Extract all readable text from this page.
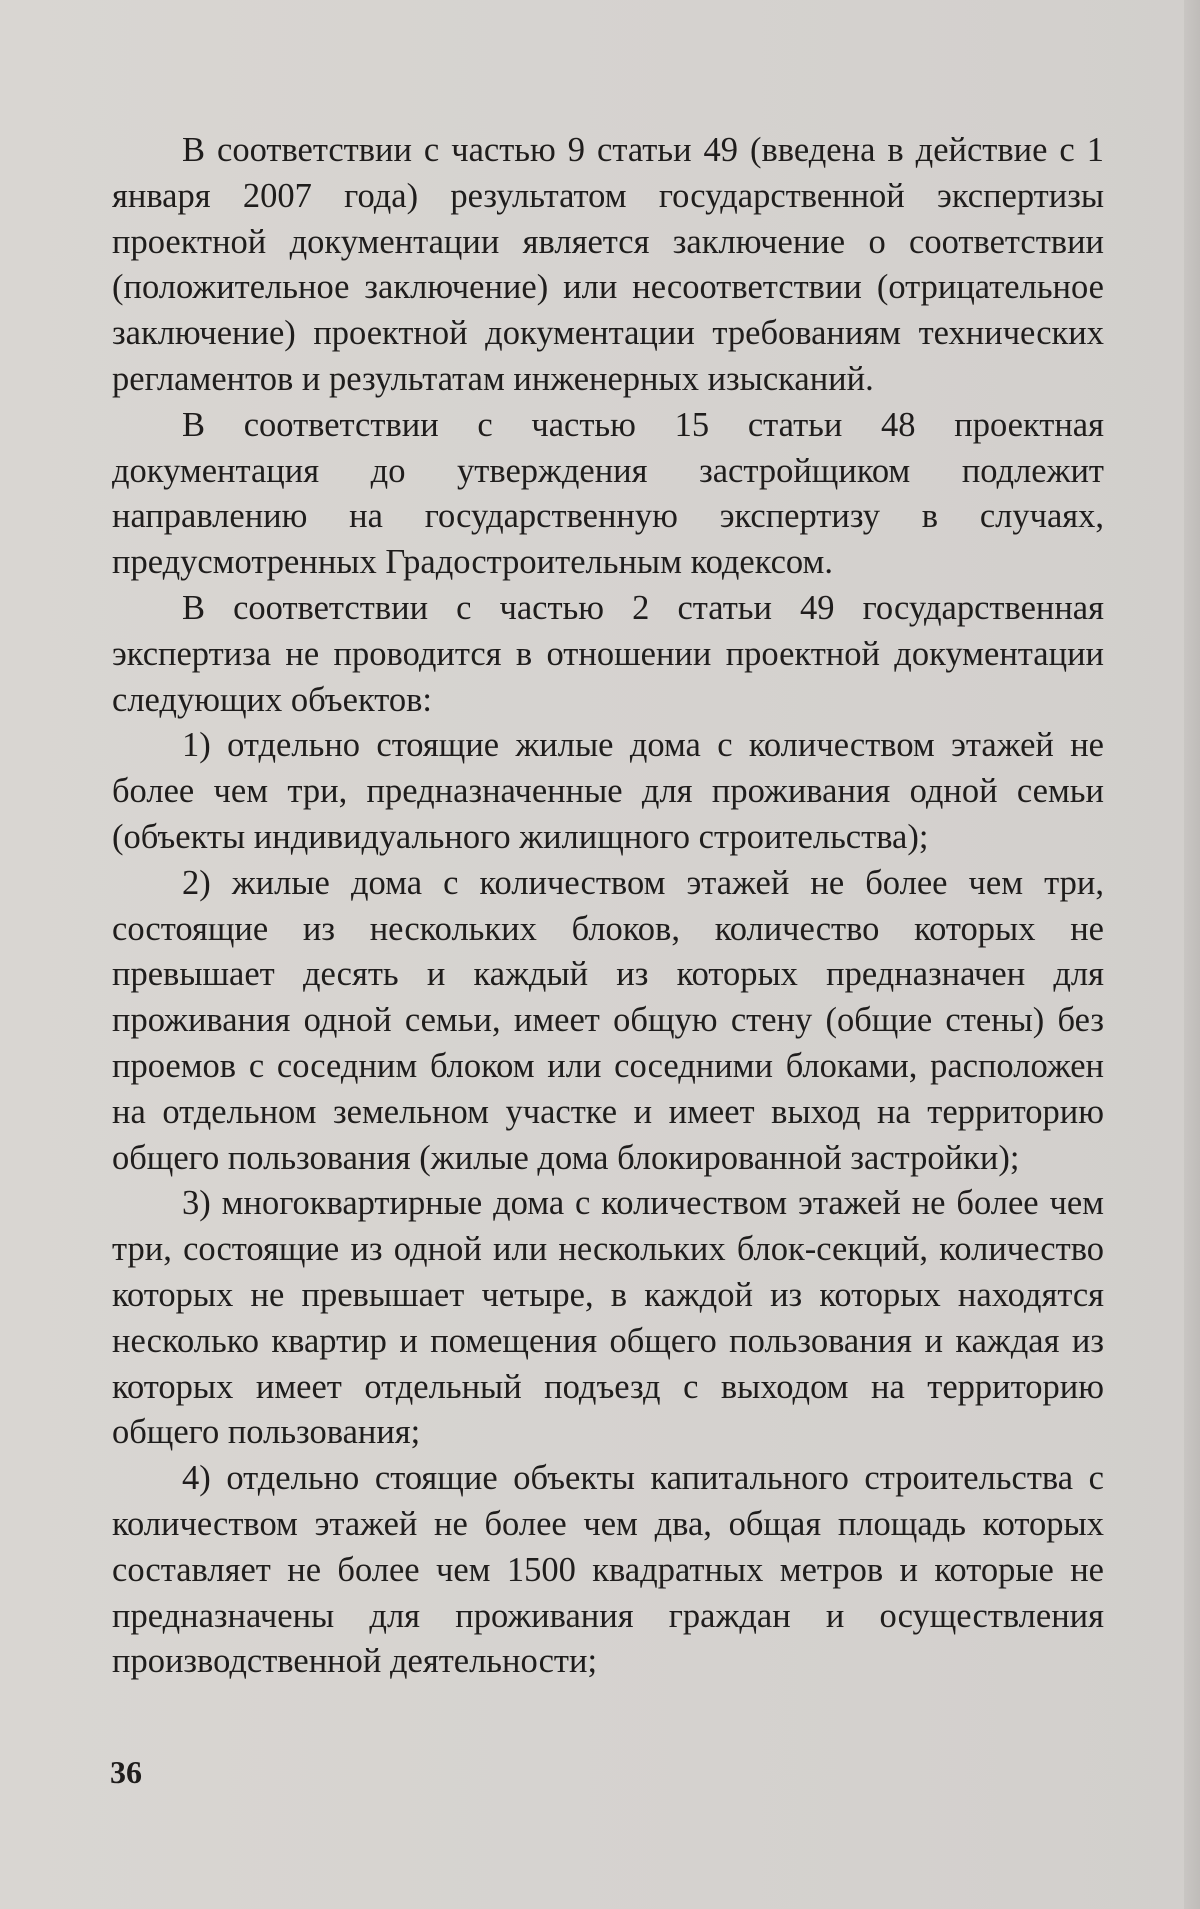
В соответствии с частью 9 статьи 49 (введена в действие с 1 января 2007 года) результатом государственной экспертизы проектной документации является заключение о соответствии (положительное заключение) или несоответствии (отрицательное заключение) проектной документации требованиям технических регламентов и результатам инженерных изысканий.

В соответствии с частью 15 статьи 48 проектная документация до утверждения застройщиком подлежит направлению на государственную экспертизу в случаях, предусмотренных Градостроительным кодексом.

В соответствии с частью 2 статьи 49 государственная экспертиза не проводится в отношении проектной документации следующих объектов:

1) отдельно стоящие жилые дома с количеством этажей не более чем три, предназначенные для проживания одной семьи (объекты индивидуального жилищного строительства);

2) жилые дома с количеством этажей не более чем три, состоящие из нескольких блоков, количество которых не превышает десять и каждый из которых предназначен для проживания одной семьи, имеет общую стену (общие стены) без проемов с соседним блоком или соседними блоками, расположен на отдельном земельном участке и имеет выход на территорию общего пользования (жилые дома блокированной застройки);

3) многоквартирные дома с количеством этажей не более чем три, состоящие из одной или нескольких блок-секций, количество которых не превышает четыре, в каждой из которых находятся несколько квартир и помещения общего пользования и каждая из которых имеет отдельный подъезд с выходом на территорию общего пользования;

4) отдельно стоящие объекты капитального строительства с количеством этажей не более чем два, общая площадь которых составляет не более чем 1500 квадратных метров и которые не предназначены для проживания граждан и осуществления производственной деятельности;

36
